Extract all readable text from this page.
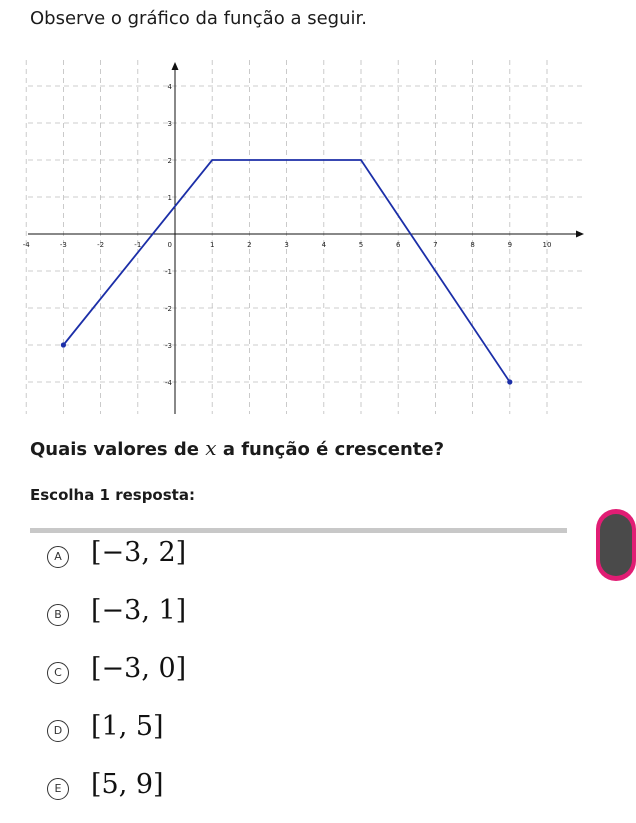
Observe o gráfico da função a seguir.
-4	-3	-2	-1	1	2	3	4	5	6	7	8	9	10
-4
-3
-2
-1
0
1
2
3
4
Quais valores de x a função é crescente?
Escolha 1 resposta:
A [−3, 2]
B [−3, 1]
C [−3, 0]
D [1, 5]
E [5, 9]
